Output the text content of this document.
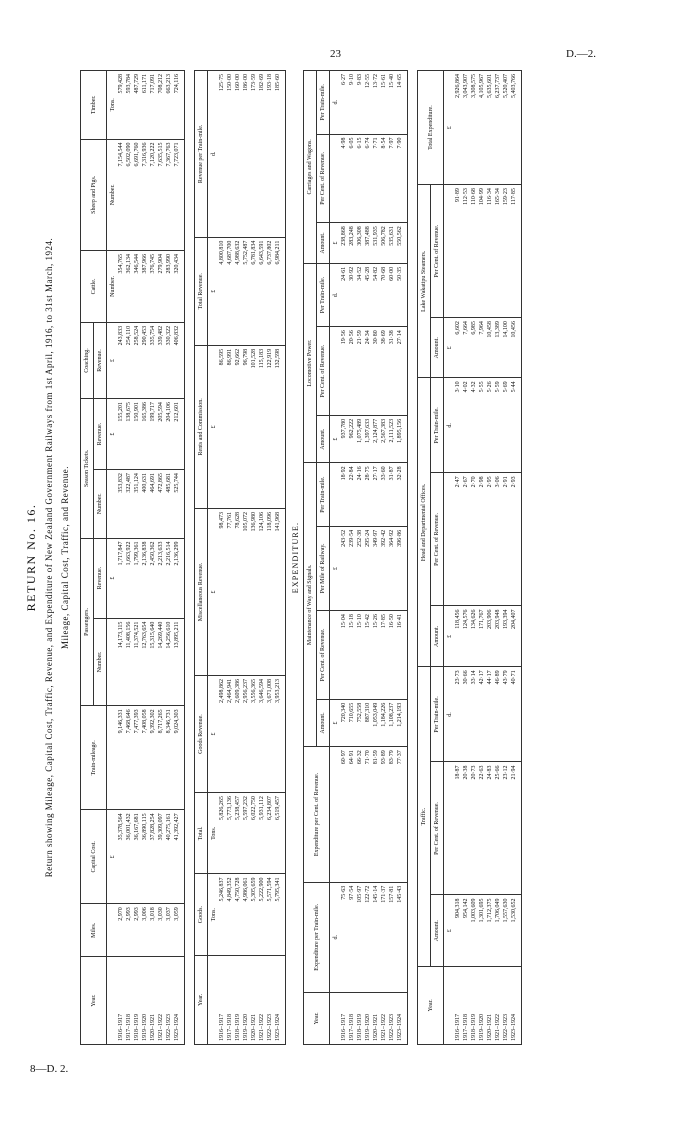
23	D.—2.
8—D. 2.
RETURN No. 16. Return showing Mileage, Capital Cost, Traffic, Revenue, and Expenditure of New Zealand Government Railways from 1st April, 1916, to 31st March, 1924. Mileage, Capital Cost, Traffic, and Revenue.
Year.	Miles.	Capital Cost.	Train-mileage.	Passengers.		Season Tickets.		Coaching.	Cattle.	Sheep and Pigs.	Timber.
				Number.	Revenue.	Number.	Revenue.	Revenue.			
		£			£		£	£	Number.	Number.	Tons.
1916–1917	2,970	35,378,564	9,146,331	14,173,115	1,717,847	353,832	155,201	243,833	354,765	7,154,544	579,428
1917–1918	2,993	36,001,432	7,468,646	11,408,156	1,663,922	322,487	138,675	254,110	362,134	6,502,090	593,784
1918–1919	2,993	36,167,681	7,477,393	11,374,521	1,799,361	351,124	150,901	258,524	346,544	6,691,760	487,729
1919–1920	3,006	36,890,115	7,408,058	12,763,654	2,136,838	400,631	165,386	290,453	387,966	7,316,936	611,171
1920–1921	3,018	37,828,254	9,392,302	15,315,640	2,450,362	464,691	199,717	335,754	376,745	7,120,222	717,091
1921–1922	3,030	39,309,097	8,717,265	14,269,440	2,213,633	472,865	205,594	339,482	279,904	7,635,515	708,212
1922–1923	3,037	40,275,161	8,346,731	14,256,610	2,216,514	485,681	204,106	330,322	283,990	7,367,763	663,213
1923–1924	3,059	41,392,427	9,024,303	13,895,211	2,136,299	525,744	212,601	406,832	320,434	7,723,071	724,116
Year.	Goods.	Total.	Goods Revenue.	Miscellaneous Revenue.	Rents and Commission.	Total Revenue.	Revenue per Train-mile.
	Tons.	Tons.	£	£	£	£	d.
1916–1917	5,246,837	5,826,265	2,498,862	98,473	86,595	4,800,810	125·75
1917–1918	4,849,352	5,773,136	2,464,941	77,761	86,991	4,687,700	150·00
1918–1919	4,750,728	5,238,457	2,609,386	78,628	92,662	4,988,632	160·00
1919–1920	4,986,061	5,597,232	2,956,237	105,072	96,798	5,752,487	186·00
1920–1921	5,305,659	6,022,750	3,556,365	136,980	101,528	6,781,834	173·59
1921–1922	5,222,900	5,931,112	3,646,594	124,106	115,183	6,643,591	182·69
1922–1923	5,571,594	6,234,807	3,671,008	118,096	122,919	6,737,802	193·18
1923–1924	5,795,341	6,519,457	3,953,213	141,968	132,598	6,984,211	185·60
EXPENDITURE.
Year.	Expenditure per Train-mile.	Expenditure per Cent. of Revenue.	Maintenance of Way and Signals.				Locomotive Power.			Carriages and Wagons.		
			Amount.	Per Cent. of Revenue.	Per Mile of Railway.	Per Train-mile.	Amount.	Per Cent. of Revenue.	Per Train-mile.	Amount.	Per Cent. of Revenue.	Per Train-mile.
	d.		£		£		£		d.	£		d.
1916–1917	75·63	60·97	720,340	15·04	243·52	18·92	937,780	19·56	24·61	238,868	4·98	6·27
1917–1918	97·54	64·91	710,655	15·18	239·54	22·84	962,222	20·56	30·92	283,248	6·05	9·10
1918–1919	105·97	66·32	752,558	15·10	252·38	24·16	1,075,489	21·59	34·52	306,308	6·15	9·83
1919–1920	122·72	71·70	887,310	15·42	295·24	28·75	1,397,633	24·34	45·28	387,488	6·74	12·55
1920–1921	145·14	81·59	1,053,049	15·26	349·97	27·17	2,124,877	30·80	54·82	531,935	7·71	13·72
1921–1922	171·37	93·89	1,184,226	17·85	392·42	33·60	2,567,383	38·69	70·68	506,782	8·54	15·61
1922–1923	157·81	83·79	1,108,237	16·50	364·92	31·87	2,111,523	31·38	60·00	535,631	7·97	15·40
1923–1924	145·43	77·37	1,214,193	16·41	396·86	32·28	1,895,156	27·14	50·35	550,562	7·90	14·65
Year.	Traffic.			Head and Departmental Offices.			Lake Wakatipu Steamers.		Total Expenditure.
	Amount.	Per Cent. of Revenue.	Per Train-mile.	Amount.	Per Cent. of Revenue.	Per Train-mile.	Amount.	Per Cent. of Revenue.	
	£		d.	£		d.	£		£
1916–1917	904,318	18·87	23·73	118,456	2·47	3·10	6,602	91·89	2,926,864
1917–1918	954,142	20·38	30·66	124,576	2·67	4·02	7,664	112·53	3,043,907
1918–1919	1,003,609	20·73	33·14	134,626	2·70	4·32	6,985	110·68	3,308,575
1919–1920	1,301,695	22·63	42·17	171,767	2·98	5·55	7,964	104·99	4,105,967
1920–1921	1,712,375	24·83	44·17	203,906	2·95	5·26	10,458	116·34	5,635,601
1921–1922	1,706,049	25·66	46·89	203,948	3·06	5·59	13,389	165·34	6,237,737
1922–1923	1,557,630	23·12	43·79	193,394	2·91	5·69	14,100	159·23	5,520,407
1923–1924	1,530,652	21·94	40·71	204,407	2·93	5·44	10,456	117·85	5,403,766
